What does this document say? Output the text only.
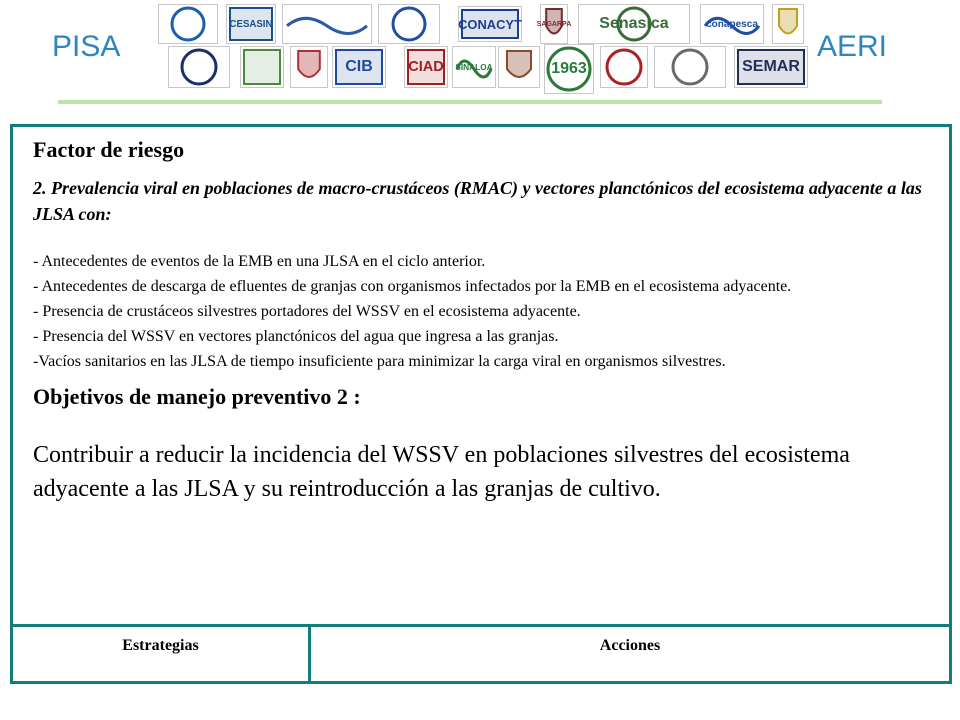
PISA	AERI
CESASIN	CONACYT SAGARPA Senasica	conapesca
CIB CIAD SINALOA	1963	SEMAR

Factor de riesgo

2. Prevalencia viral en poblaciones de macro-crustáceos (RMAC) y vectores planctónicos del ecosistema adyacente a las JLSA con:

- Antecedentes de eventos de la EMB en una JLSA en el ciclo anterior.
- Antecedentes de descarga de efluentes de granjas con organismos infectados por la EMB en el ecosistema adyacente.
- Presencia de crustáceos silvestres portadores del WSSV en el ecosistema adyacente.
- Presencia del WSSV en vectores planctónicos del agua que ingresa a las granjas.
-Vacíos sanitarios en las JLSA de tiempo insuficiente para minimizar la carga viral en organismos silvestres.

Objetivos de manejo preventivo 2 :

Contribuir a reducir la incidencia del WSSV en poblaciones silvestres del ecosistema adyacente a las JLSA y su reintroducción a las granjas de cultivo.

Estrategias	Acciones
